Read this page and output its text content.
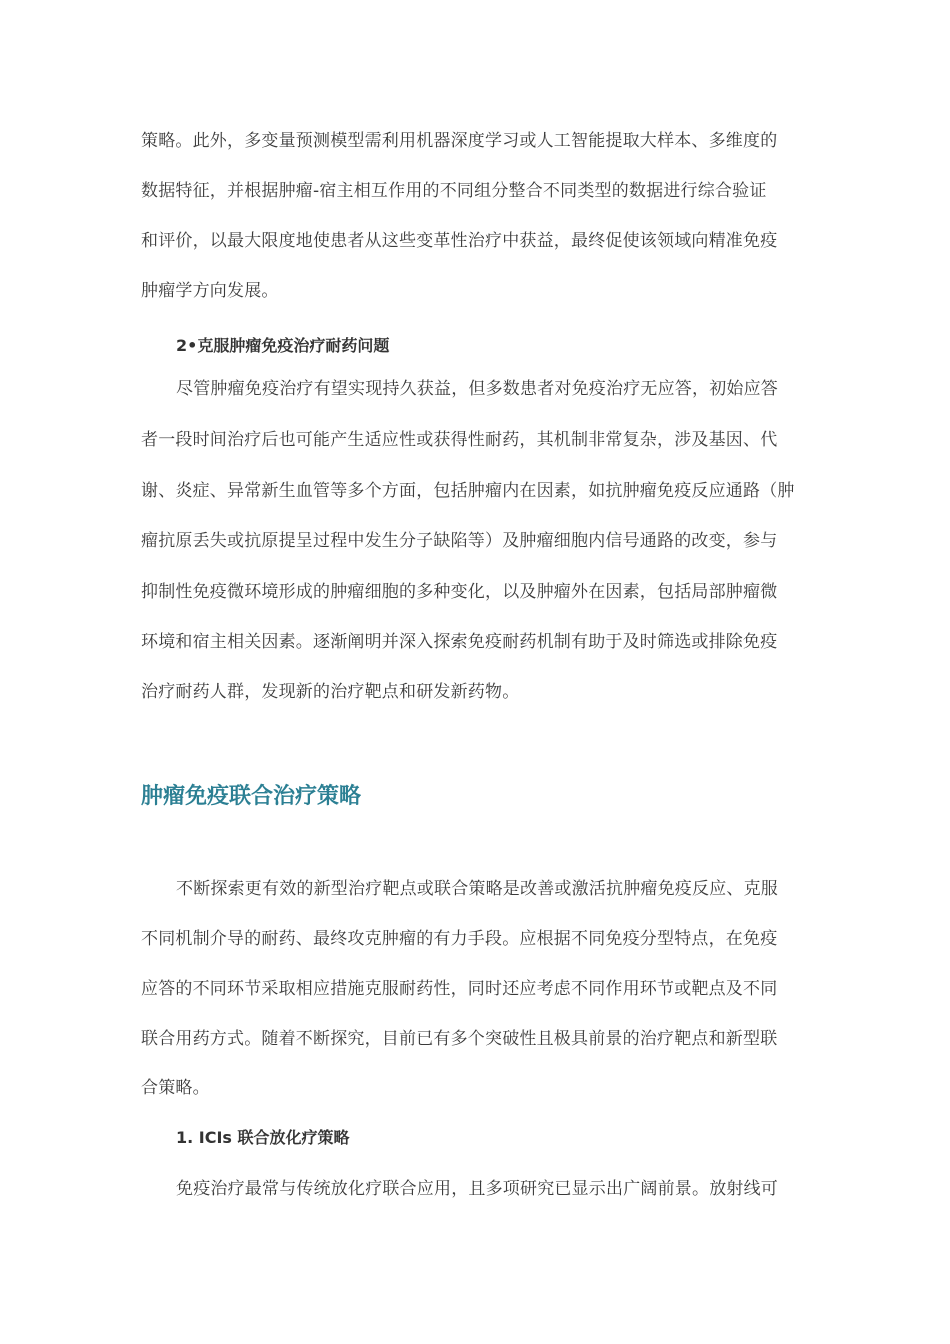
策略。此外，多变量预测模型需利用机器深度学习或人工智能提取大样本、多维度的
数据特征，并根据肿瘤-宿主相互作用的不同组分整合不同类型的数据进行综合验证
和评价，以最大限度地使患者从这些变革性治疗中获益，最终促使该领域向精准免疫
肿瘤学方向发展。
2•克服肿瘤免疫治疗耐药问题
尽管肿瘤免疫治疗有望实现持久获益，但多数患者对免疫治疗无应答，初始应答
者一段时间治疗后也可能产生适应性或获得性耐药，其机制非常复杂，涉及基因、代
谢、炎症、异常新生血管等多个方面，包括肿瘤内在因素，如抗肿瘤免疫反应通路（肿
瘤抗原丢失或抗原提呈过程中发生分子缺陷等）及肿瘤细胞内信号通路的改变，参与
抑制性免疫微环境形成的肿瘤细胞的多种变化，以及肿瘤外在因素，包括局部肿瘤微
环境和宿主相关因素。逐渐阐明并深入探索免疫耐药机制有助于及时筛选或排除免疫
治疗耐药人群，发现新的治疗靶点和研发新药物。
肿瘤免疫联合治疗策略
不断探索更有效的新型治疗靶点或联合策略是改善或激活抗肿瘤免疫反应、克服
不同机制介导的耐药、最终攻克肿瘤的有力手段。应根据不同免疫分型特点，在免疫
应答的不同环节采取相应措施克服耐药性，同时还应考虑不同作用环节或靶点及不同
联合用药方式。随着不断探究，目前已有多个突破性且极具前景的治疗靶点和新型联
合策略。
1. ICIs 联合放化疗策略
免疫治疗最常与传统放化疗联合应用，且多项研究已显示出广阔前景。放射线可
